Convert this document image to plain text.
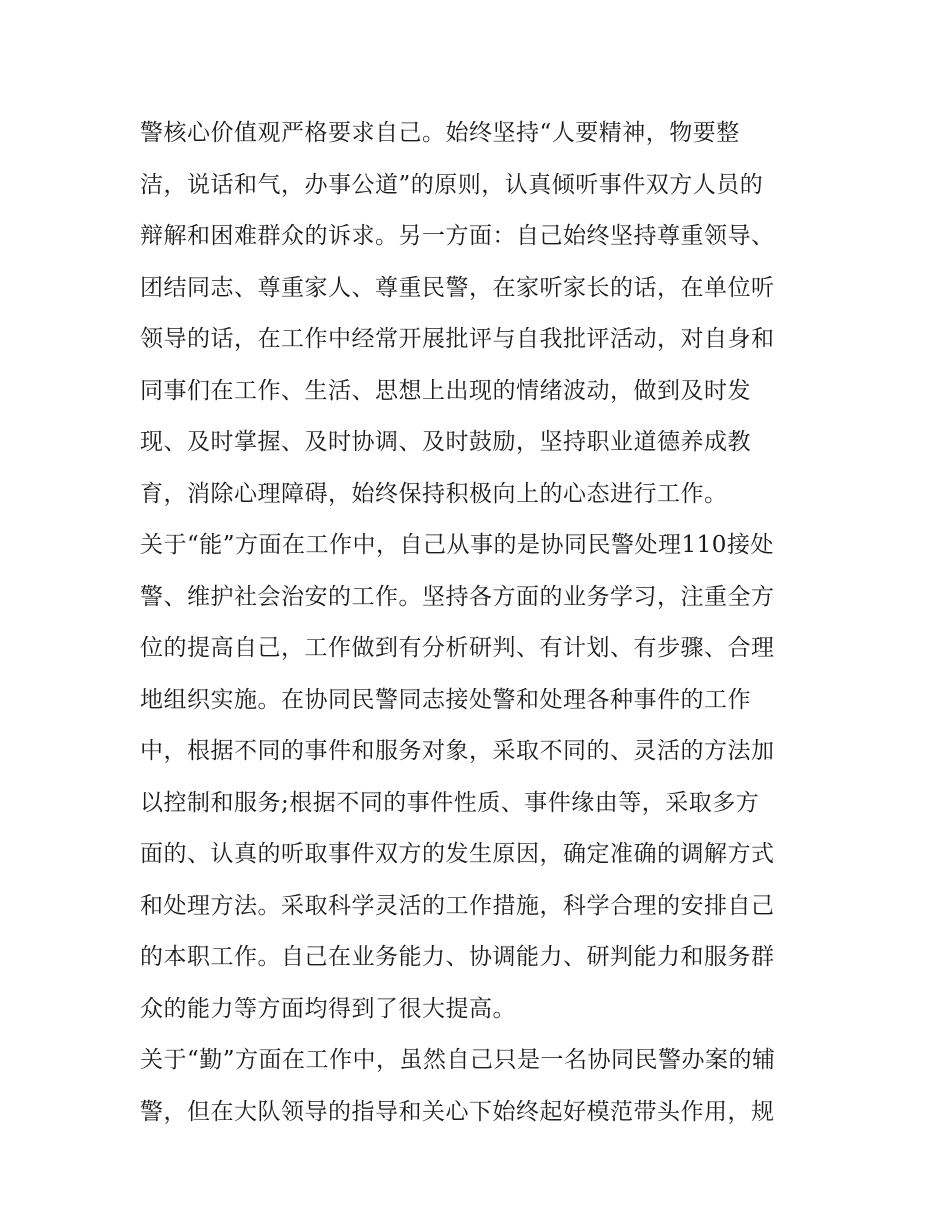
警核心价值观严格要求自己。始终坚持“人要精神，物要整
洁，说话和气，办事公道”的原则，认真倾听事件双方人员的
辩解和困难群众的诉求。另一方面：自己始终坚持尊重领导、
团结同志、尊重家人、尊重民警，在家听家长的话，在单位听
领导的话，在工作中经常开展批评与自我批评活动，对自身和
同事们在工作、生活、思想上出现的情绪波动，做到及时发
现、及时掌握、及时协调、及时鼓励，坚持职业道德养成教
育，消除心理障碍，始终保持积极向上的心态进行工作。
关于“能”方面在工作中，自己从事的是协同民警处理110接处
警、维护社会治安的工作。坚持各方面的业务学习，注重全方
位的提高自己，工作做到有分析研判、有计划、有步骤、合理
地组织实施。在协同民警同志接处警和处理各种事件的工作
中，根据不同的事件和服务对象，采取不同的、灵活的方法加
以控制和服务;根据不同的事件性质、事件缘由等，采取多方
面的、认真的听取事件双方的发生原因，确定准确的调解方式
和处理方法。采取科学灵活的工作措施，科学合理的安排自己
的本职工作。自己在业务能力、协调能力、研判能力和服务群
众的能力等方面均得到了很大提高。
关于“勤”方面在工作中，虽然自己只是一名协同民警办案的辅
警，但在大队领导的指导和关心下始终起好模范带头作用，规
